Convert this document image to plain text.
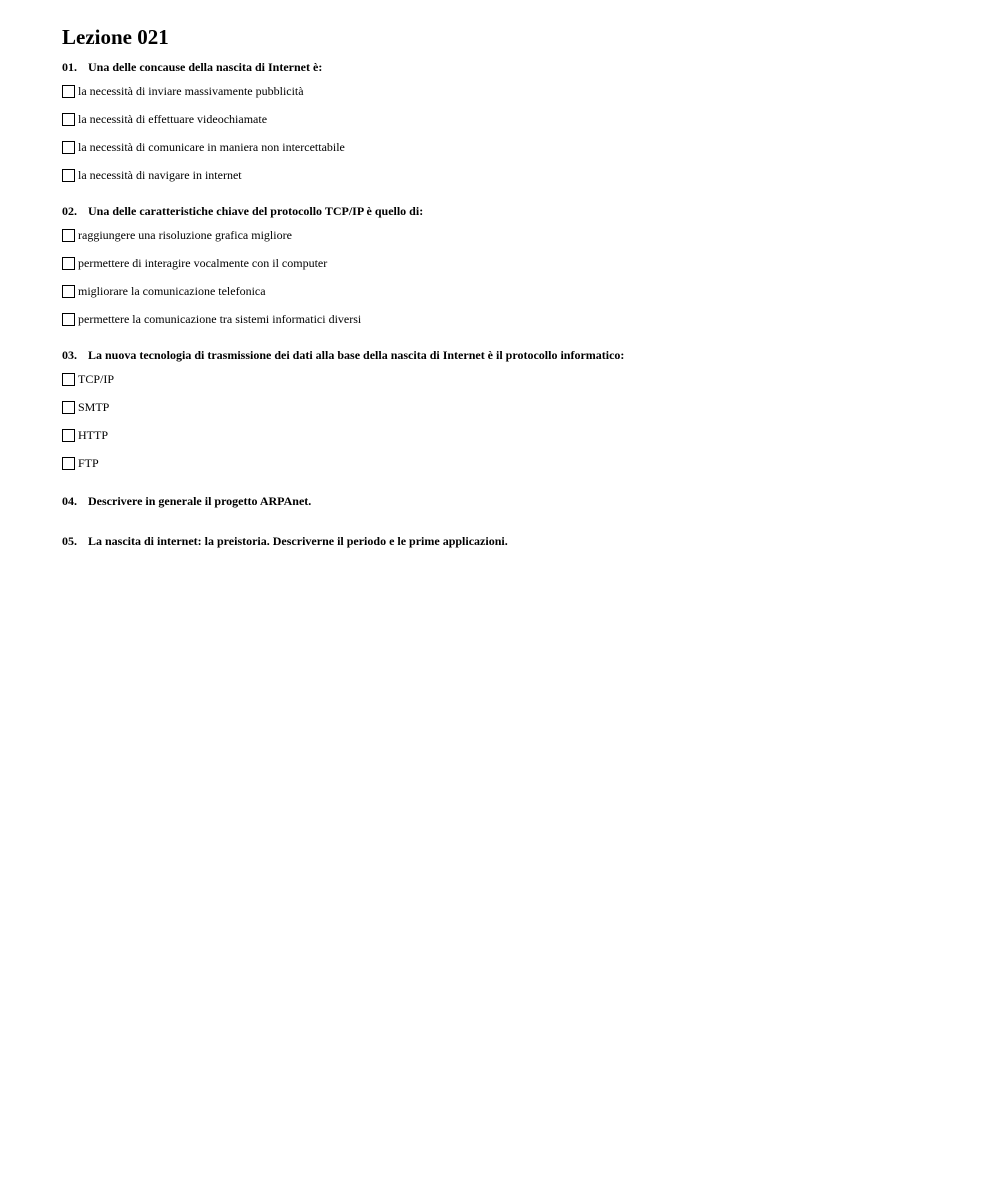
Lezione 021
01. Una delle concause della nascita di Internet è:
la necessità di inviare massivamente pubblicità
la necessità di effettuare videochiamate
la necessità di comunicare in maniera non intercettabile
la necessità di navigare in internet
02. Una delle caratteristiche chiave del protocollo TCP/IP è quello di:
raggiungere una risoluzione grafica migliore
permettere di interagire vocalmente con il computer
migliorare la comunicazione telefonica
permettere la comunicazione tra sistemi informatici diversi
03. La nuova tecnologia di trasmissione dei dati alla base della nascita di Internet è il protocollo informatico:
TCP/IP
SMTP
HTTP
FTP
04. Descrivere in generale il progetto ARPAnet.
05. La nascita di internet: la preistoria. Descriverne il periodo e le prime applicazioni.
